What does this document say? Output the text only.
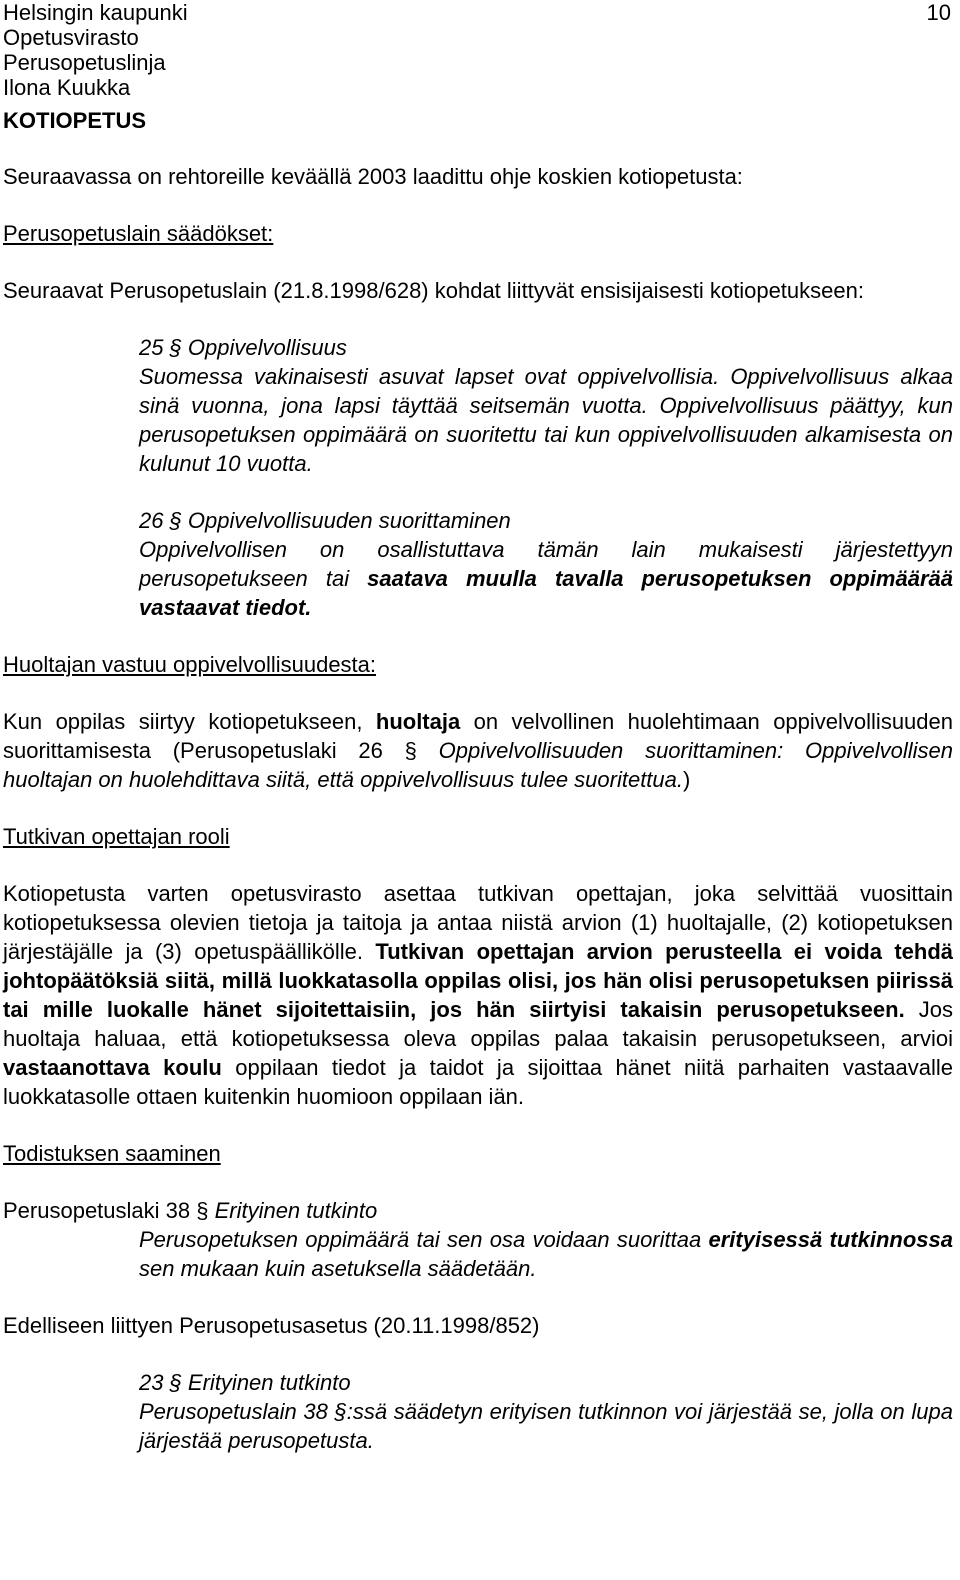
Helsingin kaupunki
Opetusvirasto
Perusopetuslinja
Ilona Kuukka
10
KOTIOPETUS

Seuraavassa on rehtoreille keväällä 2003 laadittu ohje koskien kotiopetusta:

Perusopetuslain säädökset:

Seuraavat Perusopetuslain (21.8.1998/628) kohdat liittyvät ensisijaisesti kotiopetukseen:

25 § Oppivelvollisuus

Suomessa vakinaisesti asuvat lapset ovat oppivelvollisia. Oppivelvollisuus alkaa sinä vuonna, jona lapsi täyttää seitsemän vuotta. Oppivelvollisuus päättyy, kun perusopetuksen oppimäärä on suoritettu tai kun oppivelvollisuuden alkamisesta on kulunut 10 vuotta.

26 § Oppivelvollisuuden suorittaminen

Oppivelvollisen on osallistuttava tämän lain mukaisesti järjestettyyn perusopetukseen tai saatava muulla tavalla perusopetuksen oppimäärää vastaavat tiedot.

Huoltajan vastuu oppivelvollisuudesta:

Kun oppilas siirtyy kotiopetukseen, huoltaja on velvollinen huolehtimaan oppivelvollisuuden suorittamisesta (Perusopetuslaki 26 § Oppivelvollisuuden suorittaminen: Oppivelvollisen huoltajan on huolehdittava siitä, että oppivelvollisuus tulee suoritettua.)

Tutkivan opettajan rooli

Kotiopetusta varten opetusvirasto asettaa tutkivan opettajan, joka selvittää vuosittain kotiopetuksessa olevien tietoja ja taitoja ja antaa niistä arvion (1) huoltajalle, (2) kotiopetuksen järjestäjälle ja (3) opetuspäällikölle. Tutkivan opettajan arvion perusteella ei voida tehdä johtopäätöksiä siitä, millä luokkatasolla oppilas olisi, jos hän olisi perusopetuksen piirissä tai mille luokalle hänet sijoitettaisiin, jos hän siirtyisi takaisin perusopetukseen. Jos huoltaja haluaa, että kotiopetuksessa oleva oppilas palaa takaisin perusopetukseen, arvioi vastaanottava koulu oppilaan tiedot ja taidot ja sijoittaa hänet niitä parhaiten vastaavalle luokkatasolle ottaen kuitenkin huomioon oppilaan iän.

Todistuksen saaminen

Perusopetuslaki 38 § Erityinen tutkinto

Perusopetuksen oppimäärä tai sen osa voidaan suorittaa erityisessä tutkinnossa sen mukaan kuin asetuksella säädetään.

Edelliseen liittyen Perusopetusasetus (20.11.1998/852)

23 § Erityinen tutkinto

Perusopetuslain 38 §:ssä säädetyn erityisen tutkinnon voi järjestää se, jolla on lupa järjestää perusopetusta.
